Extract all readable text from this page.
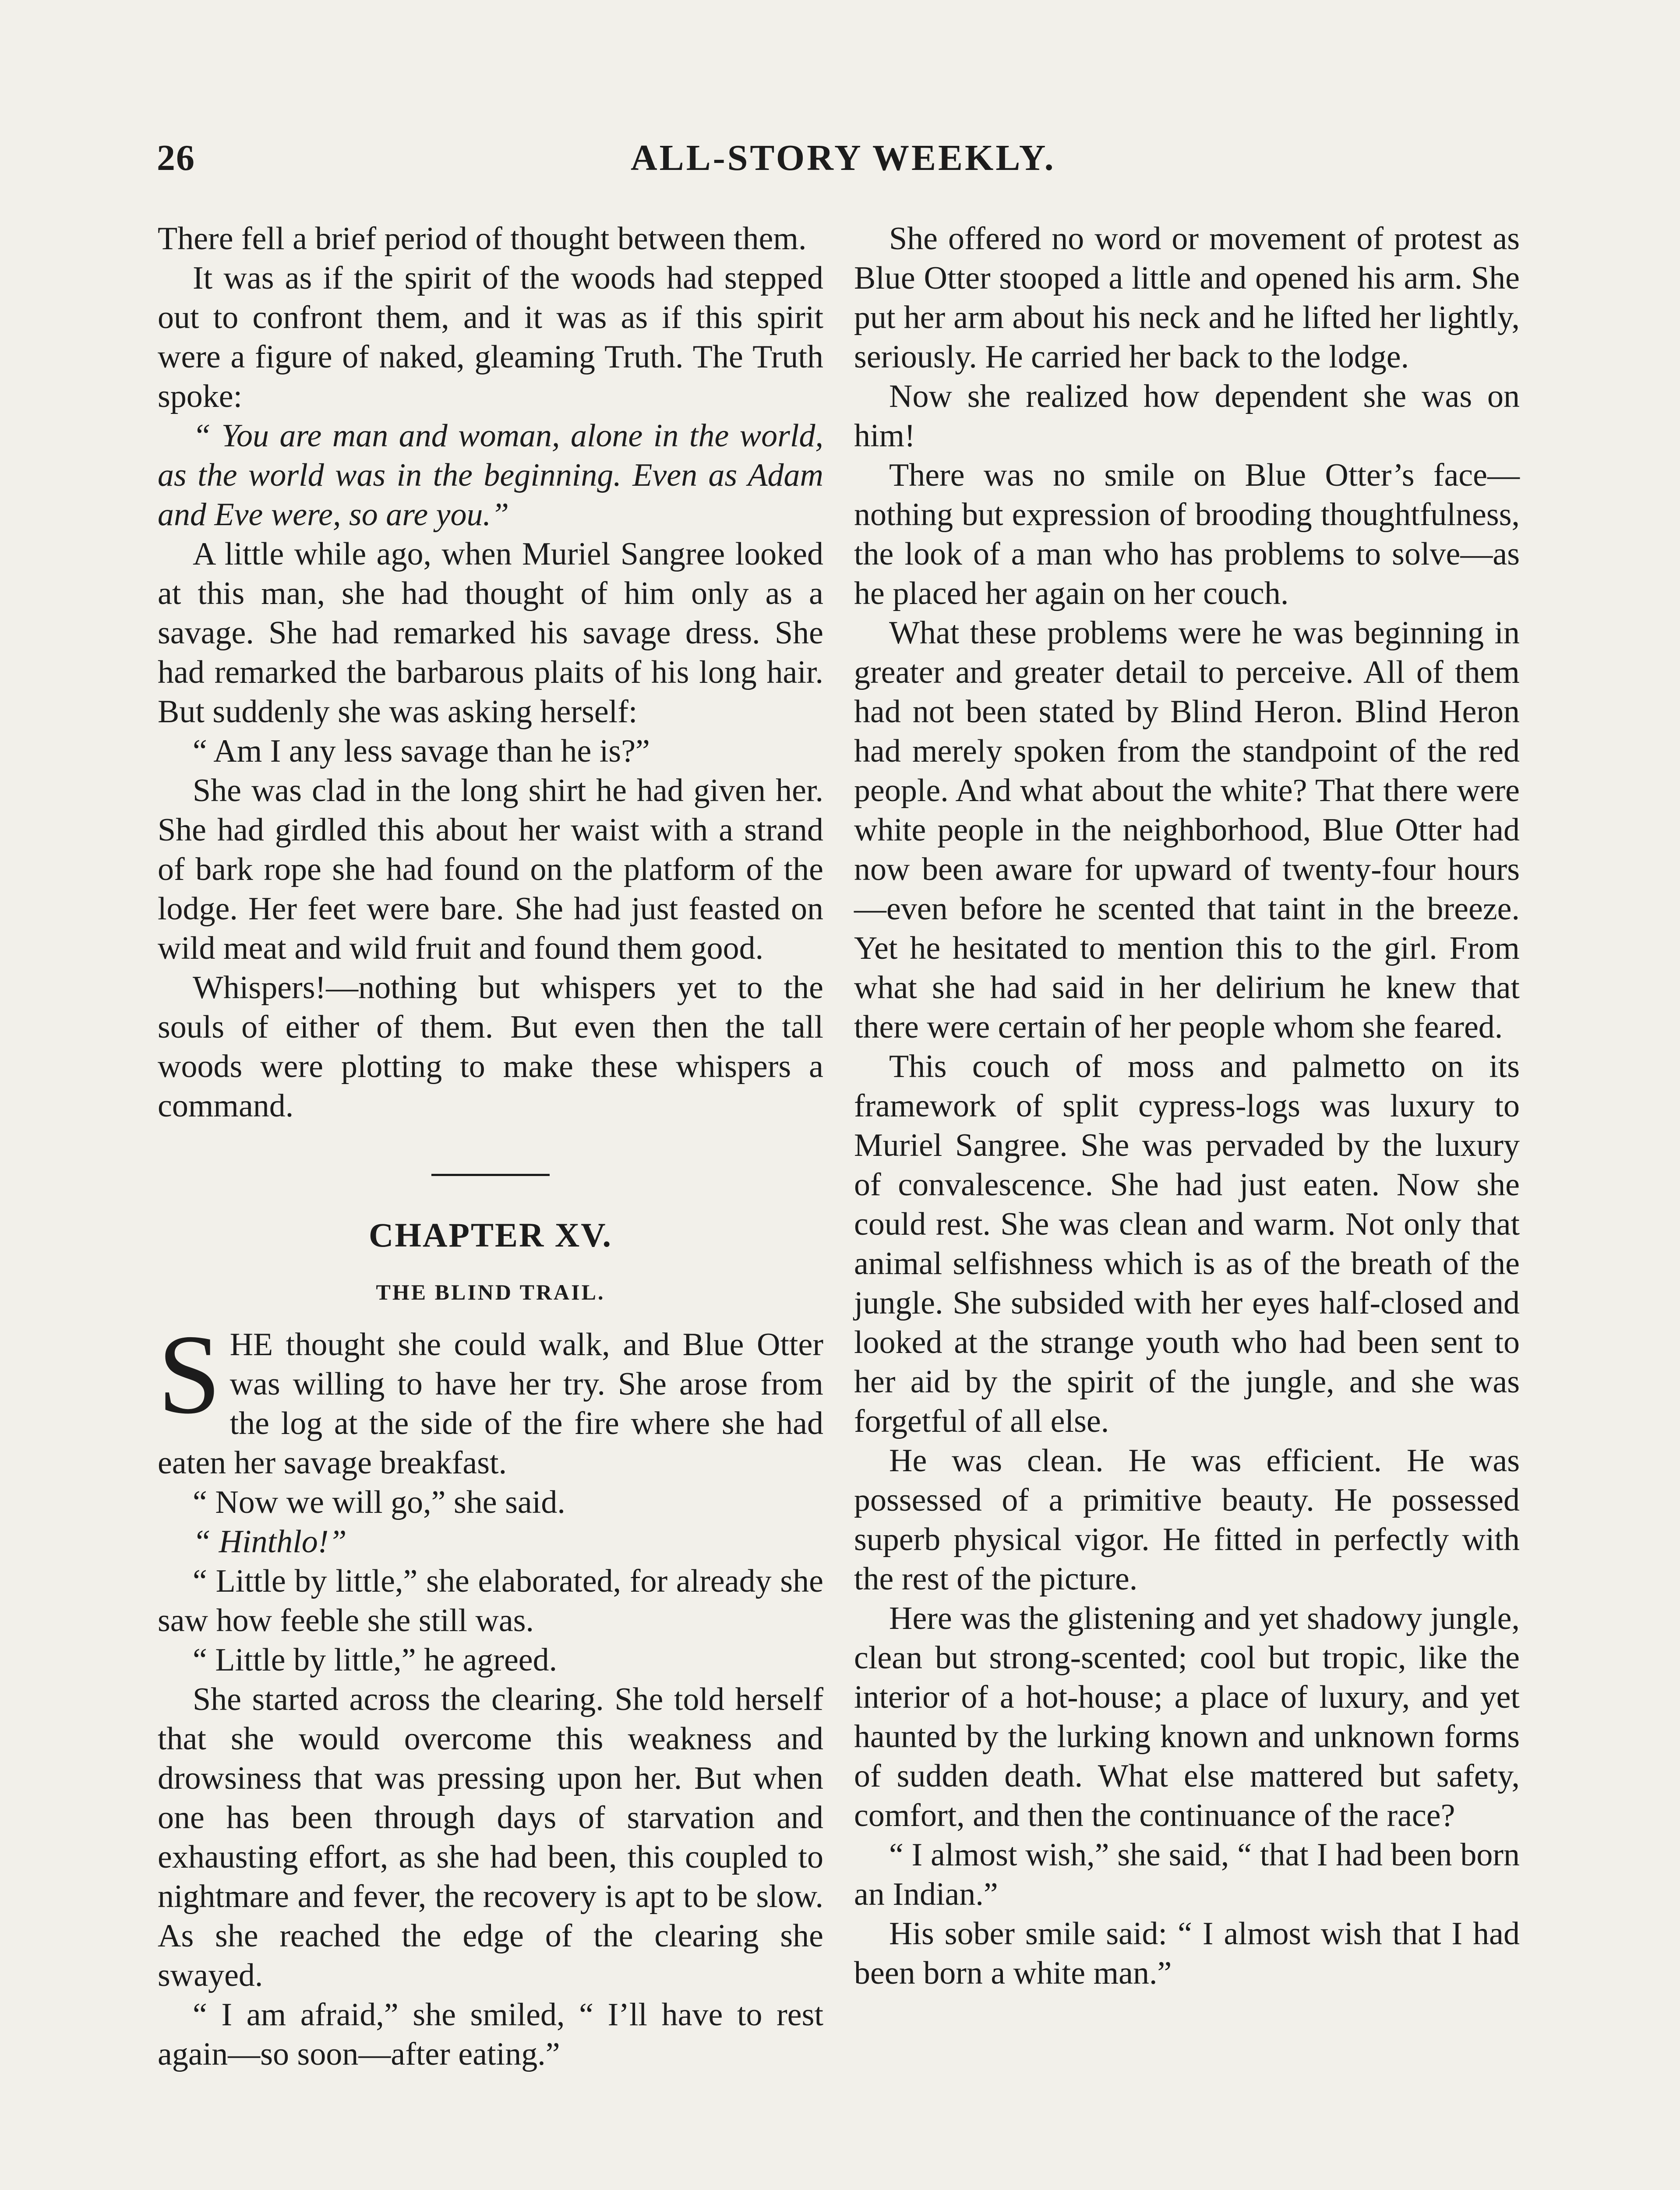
26	ALL-STORY WEEKLY.

There fell a brief period of thought between them.

It was as if the spirit of the woods had stepped out to confront them, and it was as if this spirit were a figure of naked, gleaming Truth. The Truth spoke:

“ You are man and woman, alone in the world, as the world was in the beginning. Even as Adam and Eve were, so are you.”

A little while ago, when Muriel Sangree looked at this man, she had thought of him only as a savage. She had remarked his savage dress. She had remarked the barbarous plaits of his long hair. But suddenly she was asking herself:

“ Am I any less savage than he is?”

She was clad in the long shirt he had given her. She had girdled this about her waist with a strand of bark rope she had found on the platform of the lodge. Her feet were bare. She had just feasted on wild meat and wild fruit and found them good.

Whispers!—nothing but whispers yet to the souls of either of them. But even then the tall woods were plotting to make these whispers a command.

CHAPTER XV.
THE BLIND TRAIL.

SHE thought she could walk, and Blue Otter was willing to have her try. She arose from the log at the side of the fire where she had eaten her savage breakfast.

“ Now we will go,” she said.

“ Hinthlo!”

“ Little by little,” she elaborated, for already she saw how feeble she still was.

“ Little by little,” he agreed.

She started across the clearing. She told herself that she would overcome this weakness and drowsiness that was pressing upon her. But when one has been through days of starvation and exhausting effort, as she had been, this coupled to nightmare and fever, the recovery is apt to be slow. As she reached the edge of the clearing she swayed.

“ I am afraid,” she smiled, “ I’ll have to rest again—so soon—after eating.”

She offered no word or movement of protest as Blue Otter stooped a little and opened his arm. She put her arm about his neck and he lifted her lightly, seriously. He carried her back to the lodge.

Now she realized how dependent she was on him!

There was no smile on Blue Otter’s face—nothing but expression of brooding thoughtfulness, the look of a man who has problems to solve—as he placed her again on her couch.

What these problems were he was beginning in greater and greater detail to perceive. All of them had not been stated by Blind Heron. Blind Heron had merely spoken from the standpoint of the red people. And what about the white? That there were white people in the neighborhood, Blue Otter had now been aware for upward of twenty-four hours—even before he scented that taint in the breeze. Yet he hesitated to mention this to the girl. From what she had said in her delirium he knew that there were certain of her people whom she feared.

This couch of moss and palmetto on its framework of split cypress-logs was luxury to Muriel Sangree. She was pervaded by the luxury of convalescence. She had just eaten. Now she could rest. She was clean and warm. Not only that animal selfishness which is as of the breath of the jungle. She subsided with her eyes half-closed and looked at the strange youth who had been sent to her aid by the spirit of the jungle, and she was forgetful of all else.

He was clean. He was efficient. He was possessed of a primitive beauty. He possessed superb physical vigor. He fitted in perfectly with the rest of the picture.

Here was the glistening and yet shadowy jungle, clean but strong-scented; cool but tropic, like the interior of a hot-house; a place of luxury, and yet haunted by the lurking known and unknown forms of sudden death. What else mattered but safety, comfort, and then the continuance of the race?

“ I almost wish,” she said, “ that I had been born an Indian.”

His sober smile said: “ I almost wish that I had been born a white man.”
